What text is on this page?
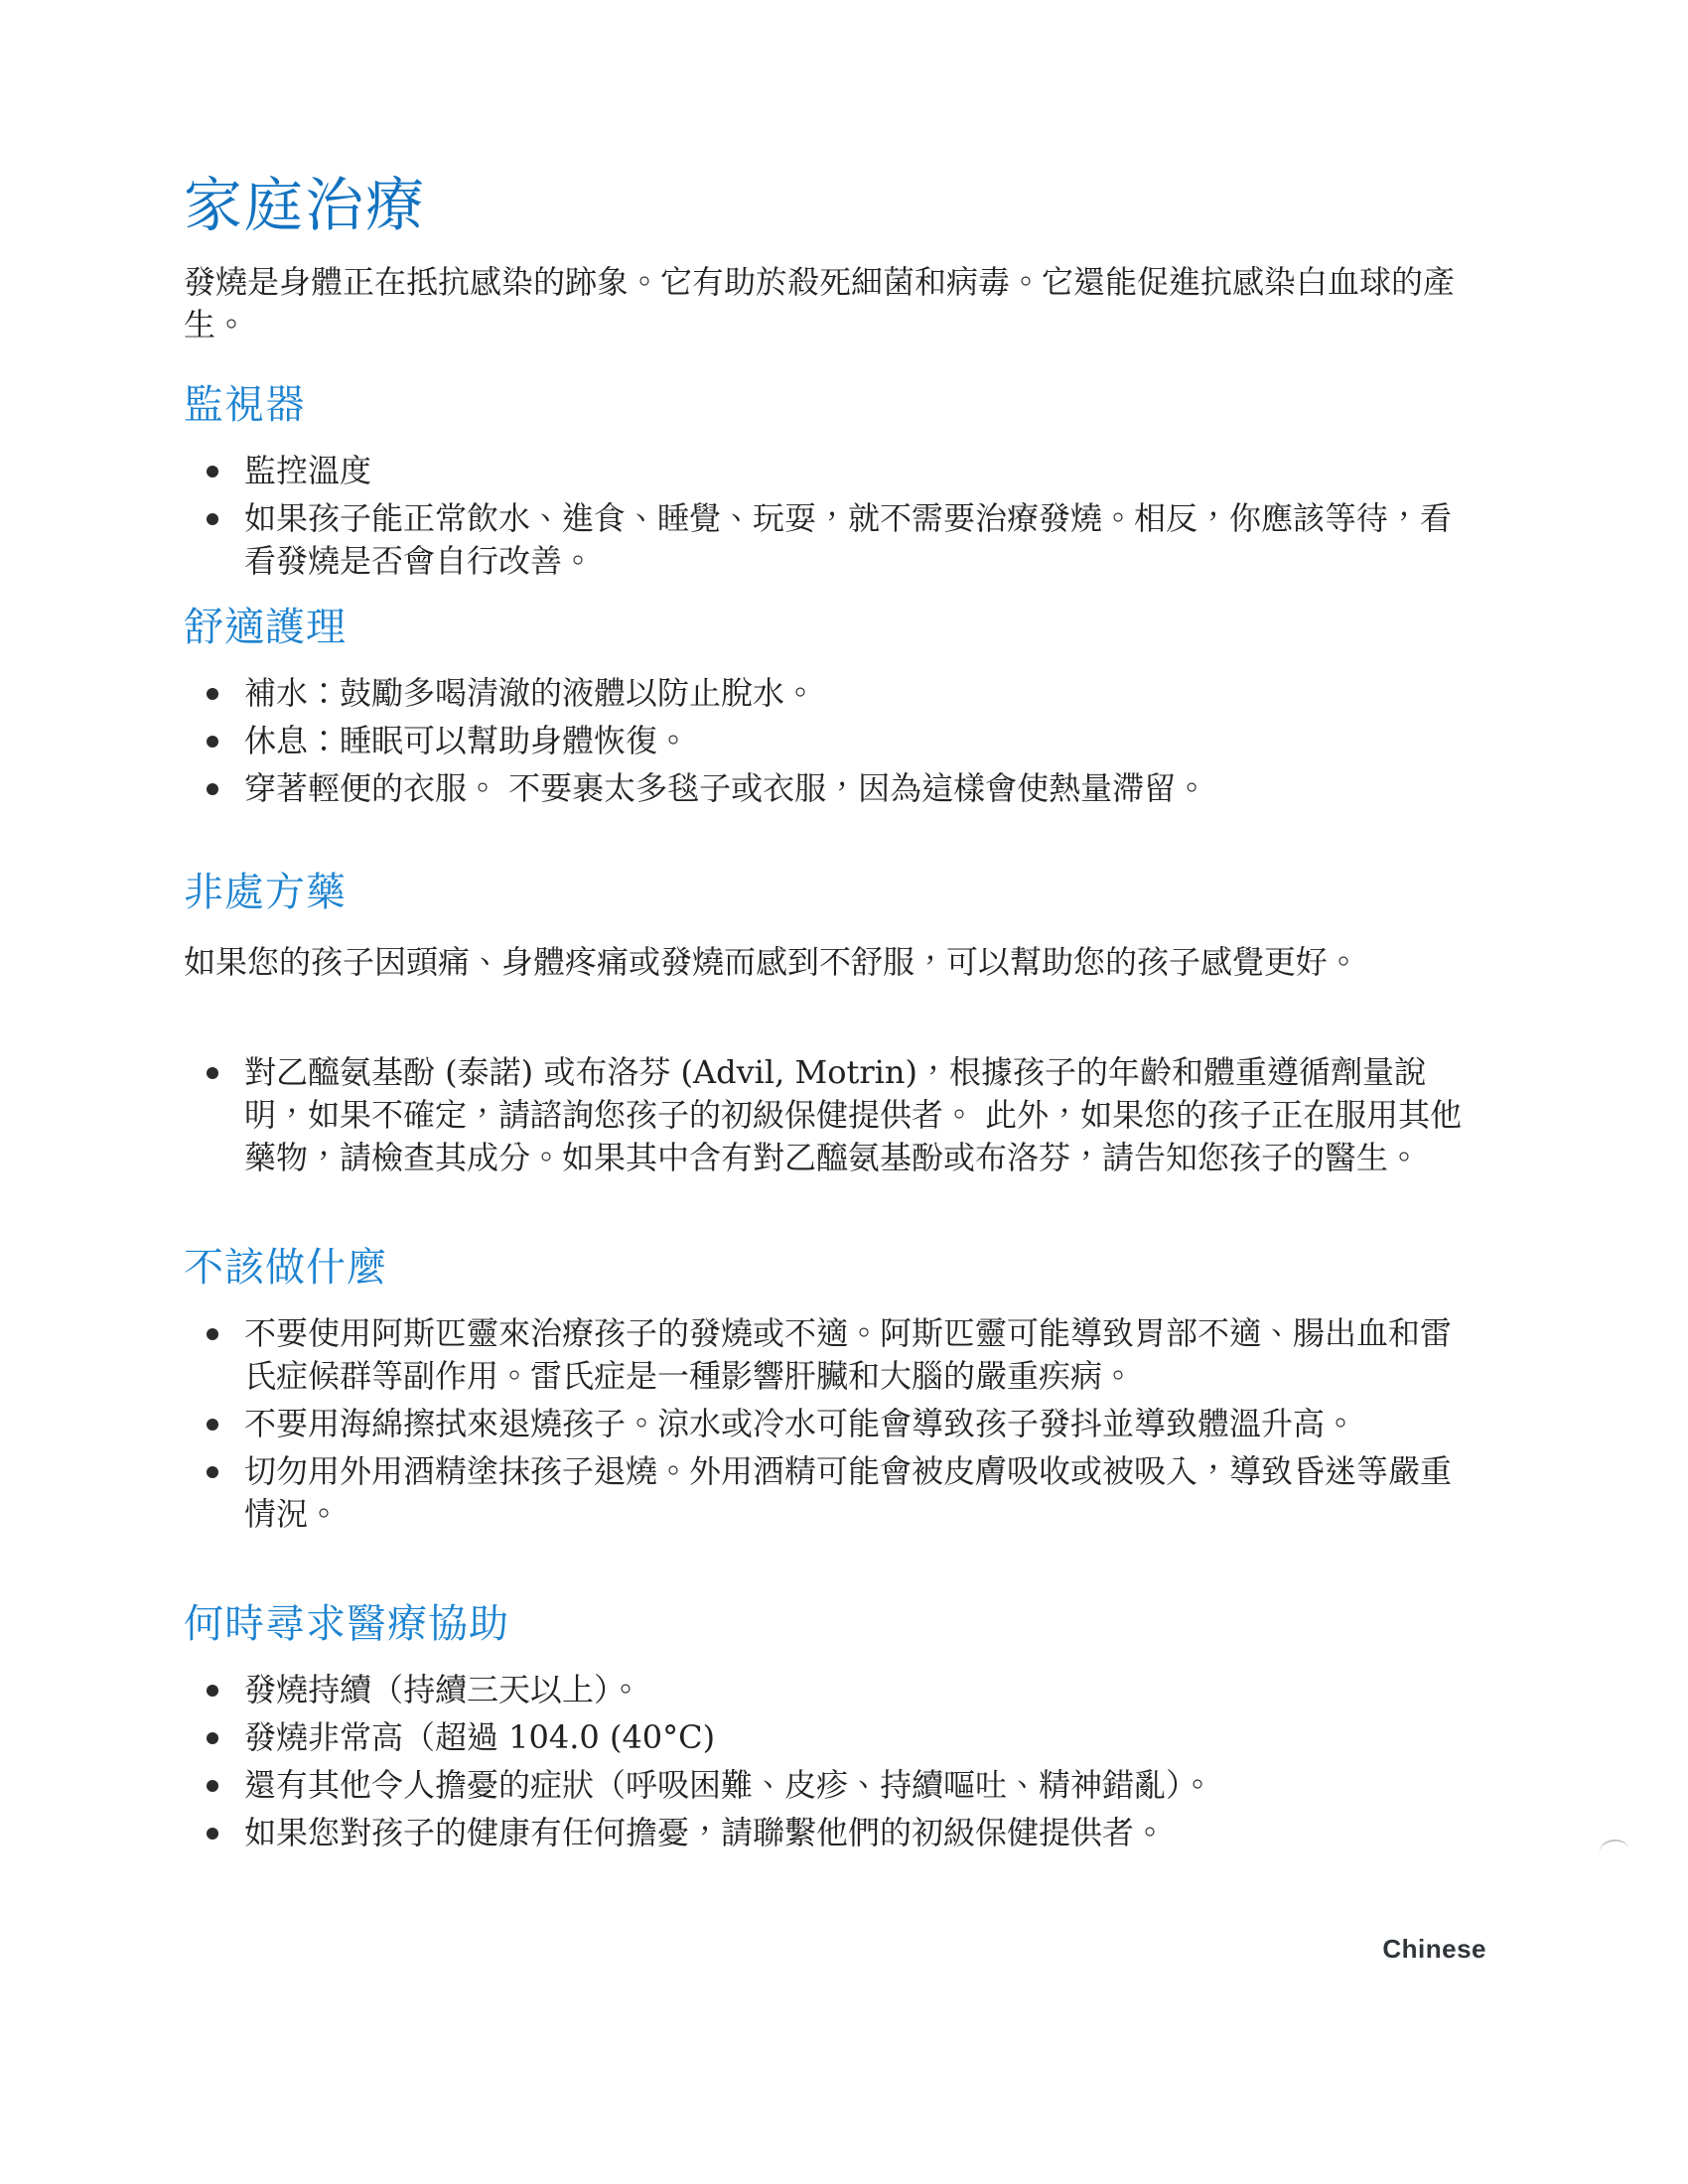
家庭治療

發燒是身體正在抵抗感染的跡象。它有助於殺死細菌和病毒。它還能促進抗感染白血球的產生。

監視器
監控溫度
如果孩子能正常飲水、進食、睡覺、玩耍，就不需要治療發燒。相反，你應該等待，看看發燒是否會自行改善。
舒適護理
補水：鼓勵多喝清澈的液體以防止脫水。
休息：睡眠可以幫助身體恢復。
穿著輕便的衣服。 不要裹太多毯子或衣服，因為這樣會使熱量滯留。
非處方藥

如果您的孩子因頭痛、身體疼痛或發燒而感到不舒服，可以幫助您的孩子感覺更好。

對乙醯氨基酚 (泰諾) 或布洛芬 (Advil, Motrin)，根據孩子的年齡和體重遵循劑量說明，如果不確定，請諮詢您孩子的初級保健提供者。 此外，如果您的孩子正在服用其他藥物，請檢查其成分。如果其中含有對乙醯氨基酚或布洛芬，請告知您孩子的醫生。
不該做什麼
不要使用阿斯匹靈來治療孩子的發燒或不適。阿斯匹靈可能導致胃部不適、腸出血和雷氏症候群等副作用。雷氏症是一種影響肝臟和大腦的嚴重疾病。
不要用海綿擦拭來退燒孩子。涼水或冷水可能會導致孩子發抖並導致體溫升高。
切勿用外用酒精塗抹孩子退燒。外用酒精可能會被皮膚吸收或被吸入，導致昏迷等嚴重情況。
何時尋求醫療協助
發燒持續（持續三天以上）。
發燒非常高（超過 104.0 (40°C)
還有其他令人擔憂的症狀（呼吸困難、皮疹、持續嘔吐、精神錯亂）。
如果您對孩子的健康有任何擔憂，請聯繫他們的初級保健提供者。
Chinese
